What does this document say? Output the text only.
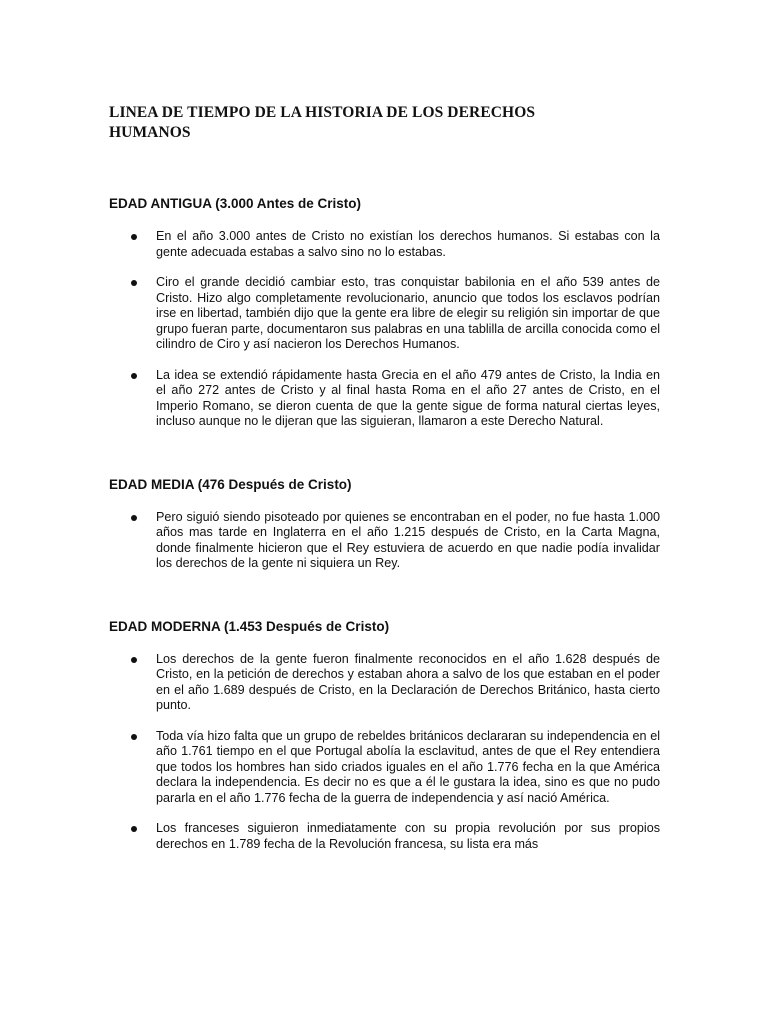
LINEA DE TIEMPO DE LA HISTORIA DE LOS DERECHOS HUMANOS
EDAD ANTIGUA (3.000 Antes de Cristo)
En el año 3.000 antes de Cristo no existían los derechos humanos. Si estabas con la gente adecuada estabas a salvo sino no lo estabas.
Ciro el grande decidió cambiar esto, tras conquistar babilonia en el año 539 antes de Cristo. Hizo algo completamente revolucionario, anuncio que todos los esclavos podrían irse en libertad, también dijo que la gente era libre de elegir su religión sin importar de que grupo fueran parte, documentaron sus palabras en una tablilla de arcilla conocida como el cilindro de Ciro y así nacieron los Derechos Humanos.
La idea se extendió rápidamente hasta Grecia en el año 479 antes de Cristo, la India en el año 272 antes de Cristo y al final hasta Roma en el año 27 antes de Cristo, en el Imperio Romano, se dieron cuenta de que la gente sigue de forma natural ciertas leyes, incluso aunque no le dijeran que las siguieran, llamaron a este Derecho Natural.
EDAD MEDIA (476 Después de Cristo)
Pero siguió siendo pisoteado por quienes se encontraban en el poder, no fue hasta 1.000 años mas tarde en Inglaterra en el año 1.215 después de Cristo, en la Carta Magna, donde finalmente hicieron que el Rey estuviera de acuerdo en que nadie podía invalidar los derechos de la gente ni siquiera un Rey.
EDAD MODERNA (1.453 Después de Cristo)
Los derechos de la gente fueron finalmente reconocidos en el año 1.628 después de Cristo, en la petición de derechos y estaban ahora a salvo de los que estaban en el poder en el año 1.689 después de Cristo, en la Declaración de Derechos Británico, hasta cierto punto.
Toda vía hizo falta que un grupo de rebeldes británicos declararan su independencia en el año 1.761 tiempo en el que Portugal abolía la esclavitud, antes de que el Rey entendiera que todos los hombres han sido criados iguales en el año 1.776 fecha en la que América declara la independencia. Es decir no es que a él le gustara la idea, sino es que no pudo pararla en el año 1.776 fecha de la guerra de independencia y así nació América.
Los franceses siguieron inmediatamente con su propia revolución por sus propios derechos en 1.789 fecha de la Revolución francesa, su lista era más
